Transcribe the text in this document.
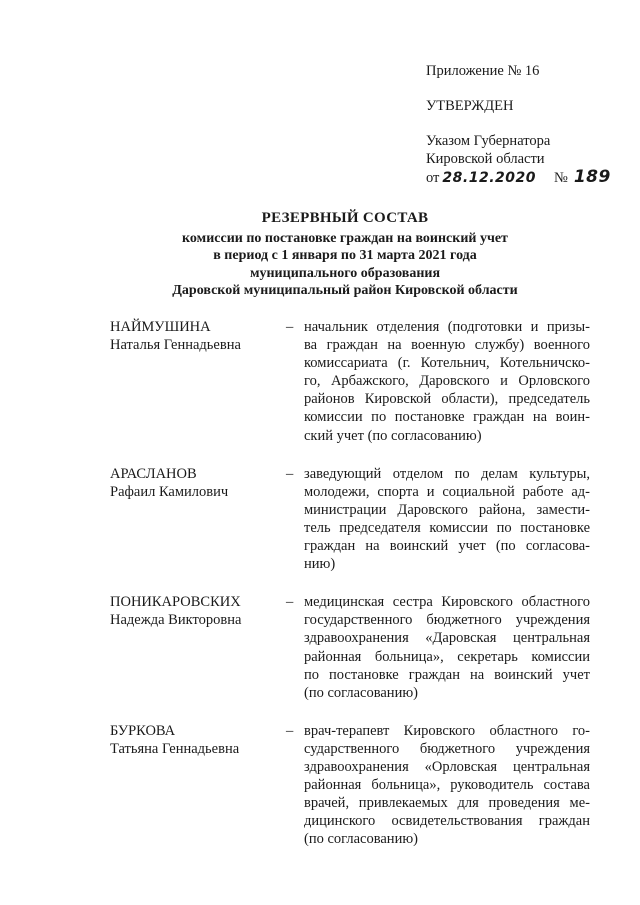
Приложение № 16
УТВЕРЖДЕН
Указом Губернатора
Кировской области
от 28.12.2020 № 189
РЕЗЕРВНЫЙ СОСТАВ
комиссии по постановке граждан на воинский учет
в период с 1 января по 31 марта 2021 года
муниципального образования
Даровской муниципальный район Кировской области
НАЙМУШИНА
Наталья Геннадьевна
– начальник отделения (подготовки и призы-
ва граждан на военную службу) военного
комиссариата (г. Котельнич, Котельничско-
го, Арбажского, Даровского и Орловского
районов Кировской области), председатель
комиссии по постановке граждан на воин-
ский учет (по согласованию)
АРАСЛАНОВ
Рафаил Камилович
– заведующий отделом по делам культуры,
молодежи, спорта и социальной работе ад-
министрации Даровского района, замести-
тель председателя комиссии по постановке
граждан на воинский учет (по согласова-
нию)
ПОНИКАРОВСКИХ
Надежда Викторовна
– медицинская сестра Кировского областного
государственного бюджетного учреждения
здравоохранения «Даровская центральная
районная больница», секретарь комиссии
по постановке граждан на воинский учет
(по согласованию)
БУРКОВА
Татьяна Геннадьевна
– врач-терапевт Кировского областного го-
сударственного бюджетного учреждения
здравоохранения «Орловская центральная
районная больница», руководитель состава
врачей, привлекаемых для проведения ме-
дицинского освидетельствования граждан
(по согласованию)
